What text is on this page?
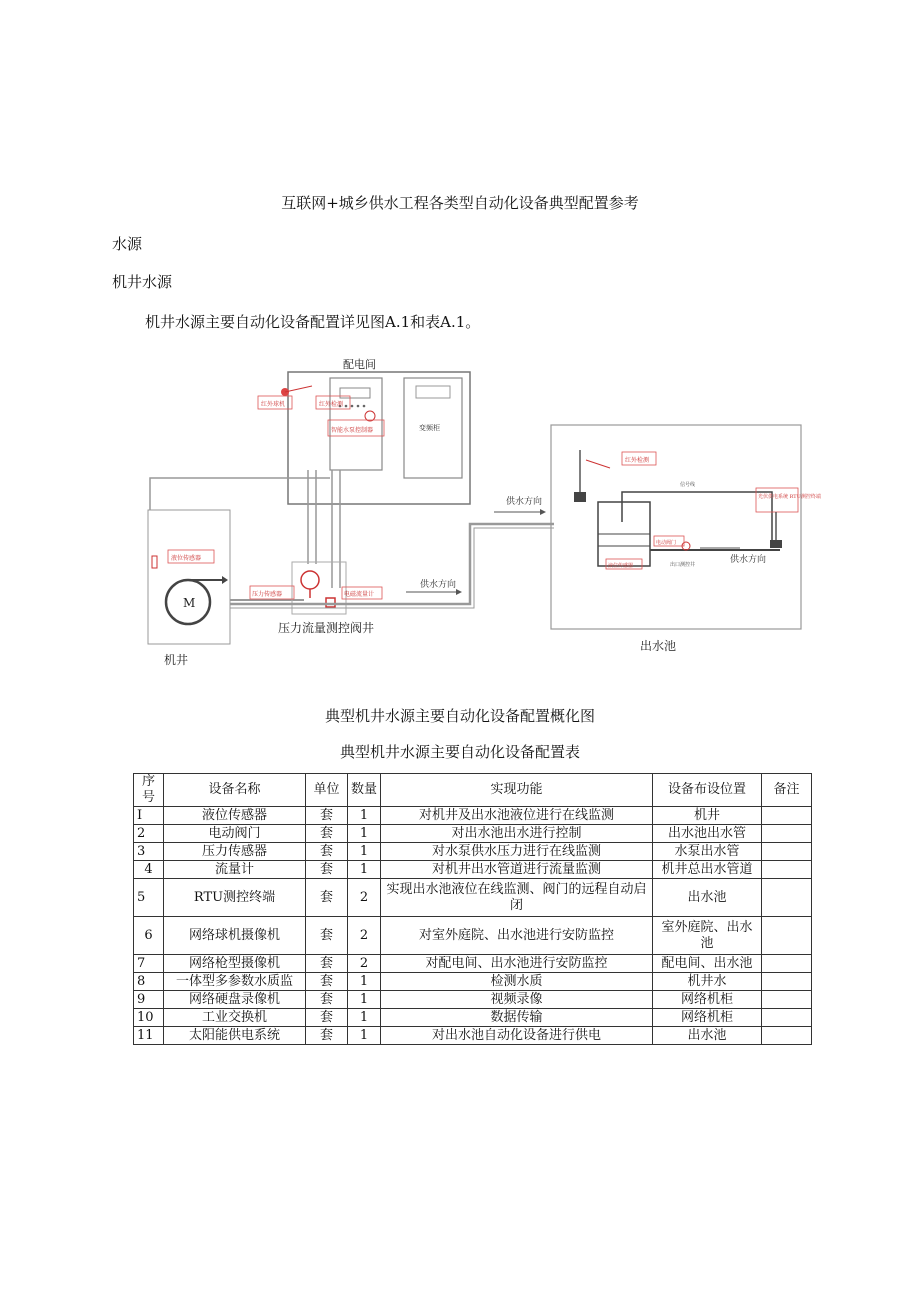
互联网+城乡供水工程各类型自动化设备典型配置参考
水源
机井水源
机井水源主要自动化设备配置详见图A.1和表A.1。
配电间
智能水泵控制器
红外球机	红外检测
变频柜
液位传感器
M
机井
压力传感器	电磁流量计
压力流量测控阀井
供水方向
供水方向
红外检测
信号线
光伏供电系统 RTU测控终端
电动阀门
液位传感器	出口测控井	供水方向
出水池
典型机井水源主要自动化设备配置概化图
典型机井水源主要自动化设备配置表
序号	设备名称	单位	数量	实现功能	设备布设位置	备注
I	液位传感器	套	1	对机井及出水池液位进行在线监测	机井	
2	电动阀门	套	1	对出水池出水进行控制	出水池出水管	
3	压力传感器	套	1	对水泵供水压力进行在线监测	水泵出水管	
4	流量计	套	1	对机井出水管道进行流量监测	机井总出水管道	
5	RTU测控终端	套	2	实现出水池液位在线监测、阀门的远程自动启闭	出水池	
6	网络球机摄像机	套	2	对室外庭院、出水池进行安防监控	室外庭院、出水池	
7	网络枪型摄像机	套	2	对配电间、出水池进行安防监控	配电间、出水池	
8	一体型多参数水质监	套	1	检测水质	机井水	
9	网络硬盘录像机	套	1	视频录像	网络机柜	
10	工业交换机	套	1	数据传输	网络机柜	
11	太阳能供电系统	套	1	对出水池自动化设备进行供电	出水池	
